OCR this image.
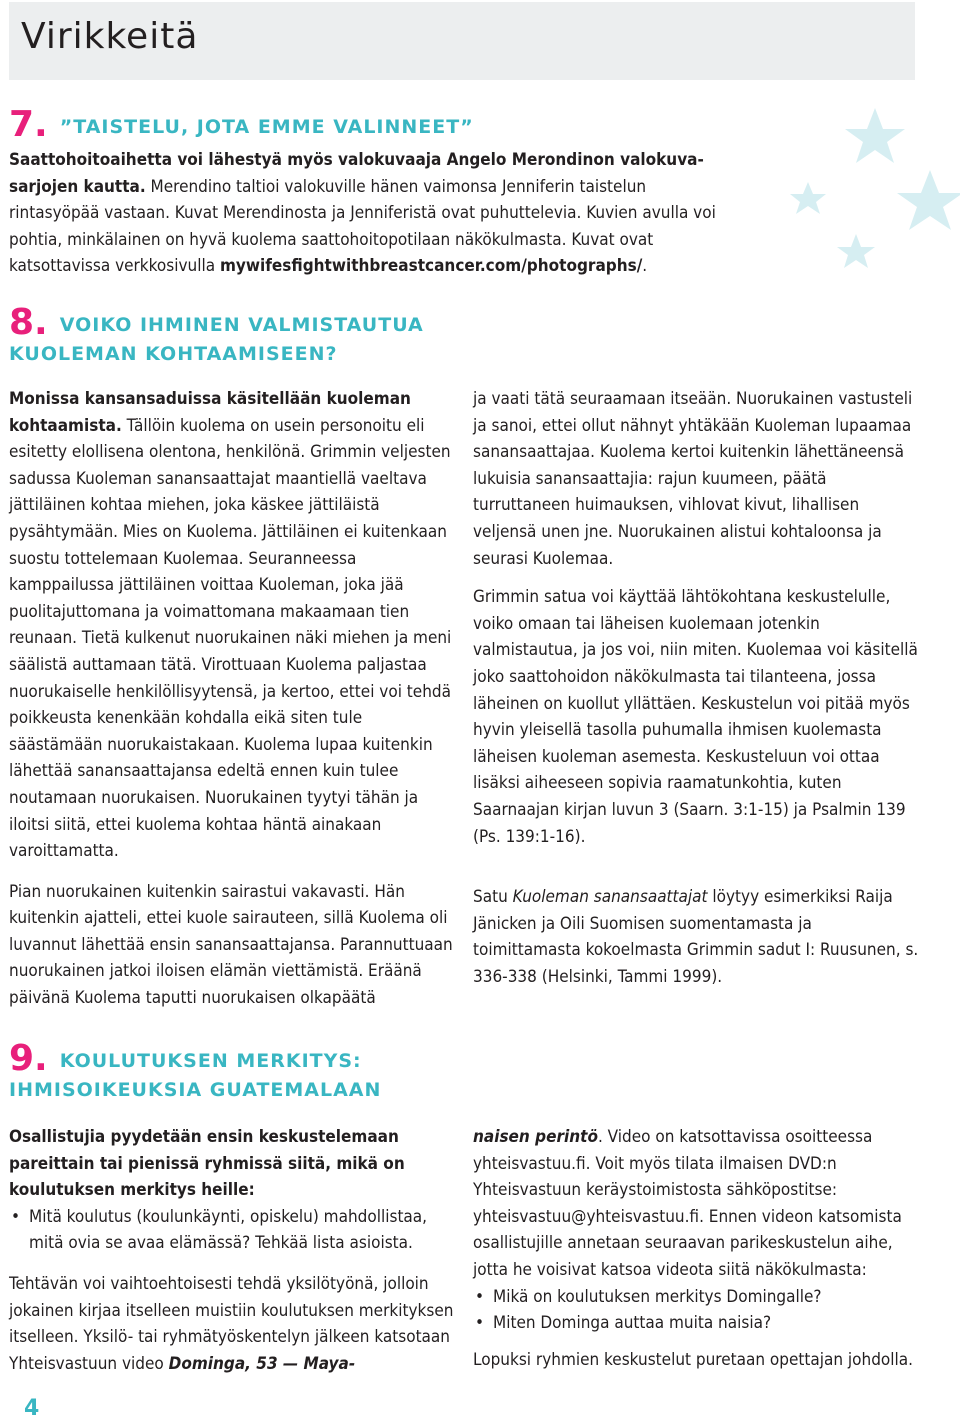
Virikkeitä
7. ”TAISTELU, JOTA EMME VALINNEET”

Saattohoitoaihetta voi lähestyä myös valokuvaaja Angelo Merondinon valokuva-sarjojen kautta. Merendino taltioi valokuville hänen vaimonsa Jenniferin taistelun rintasyöpää vastaan. Kuvat Merendinosta ja Jenniferistä ovat puhuttelevia. Kuvien avulla voi pohtia, minkälainen on hyvä kuolema saattohoitopotilaan näkökulmasta. Kuvat ovat katsottavissa verkkosivulla mywifesfightwithbreastcancer.com/photographs/.

8. VOIKO IHMINEN VALMISTAUTUA
KUOLEMAN KOHTAAMISEEN?

Monissa kansansaduissa käsitellään kuoleman kohtaamista. Tällöin kuolema on usein personoitu eli esitetty elollisena olentona, henkilönä. Grimmin veljesten sadussa Kuoleman sanansaattajat maantiellä vaeltava jättiläinen kohtaa miehen, joka käskee jättiläistä pysähtymään. Mies on Kuolema. Jättiläinen ei kuitenkaan suostu tottelemaan Kuolemaa. Seuranneessa kamppailussa jättiläinen voittaa Kuoleman, joka jää puolitajuttomana ja voimattomana makaamaan tien reunaan. Tietä kulkenut nuorukainen näki miehen ja meni säälistä auttamaan tätä. Virottuaan Kuolema paljastaa nuorukaiselle henkilöllisyytensä, ja kertoo, ettei voi tehdä poikkeusta kenenkään kohdalla eikä siten tule säästämään nuorukaistakaan. Kuolema lupaa kuitenkin lähettää sanansaattajansa edeltä ennen kuin tulee noutamaan nuorukaisen. Nuorukainen tyytyi tähän ja iloitsi siitä, ettei kuolema kohtaa häntä ainakaan varoittamatta.

Pian nuorukainen kuitenkin sairastui vakavasti. Hän kuitenkin ajatteli, ettei kuole sairauteen, sillä Kuolema oli luvannut lähettää ensin sanansaattajansa. Parannuttuaan nuorukainen jatkoi iloisen elämän viettämistä. Eräänä päivänä Kuolema taputti nuorukaisen olkapäätä

ja vaati tätä seuraamaan itseään. Nuorukainen vastusteli ja sanoi, ettei ollut nähnyt yhtäkään Kuoleman lupaamaa sanansaattajaa. Kuolema kertoi kuitenkin lähettäneensä lukuisia sanansaattajia: rajun kuumeen, päätä turruttaneen huimauksen, vihlovat kivut, lihallisen veljensä unen jne. Nuorukainen alistui kohtaloonsa ja seurasi Kuolemaa.

Grimmin satua voi käyttää lähtökohtana keskustelulle, voiko omaan tai läheisen kuolemaan jotenkin valmistautua, ja jos voi, niin miten. Kuolemaa voi käsitellä joko saattohoidon näkökulmasta tai tilanteena, jossa läheinen on kuollut yllättäen. Keskustelun voi pitää myös hyvin yleisellä tasolla puhumalla ihmisen kuolemasta läheisen kuoleman asemesta. Keskusteluun voi ottaa lisäksi aiheeseen sopivia raamatunkohtia, kuten Saarnaajan kirjan luvun 3 (Saarn. 3:1-15) ja Psalmin 139 (Ps. 139:1-16).

Satu Kuoleman sanansaattajat löytyy esimerkiksi Raija Jänicken ja Oili Suomisen suomentamasta ja toimittamasta kokoelmasta Grimmin sadut I: Ruusunen, s. 336-338 (Helsinki, Tammi 1999).

9. KOULUTUKSEN MERKITYS:
IHMISOIKEUKSIA GUATEMALAAN

Osallistujia pyydetään ensin keskustelemaan pareittain tai pienissä ryhmissä siitä, mikä on koulutuksen merkitys heille:

• Mitä koulutus (koulunkäynti, opiskelu) mahdollistaa, mitä ovia se avaa elämässä? Tehkää lista asioista.

Tehtävän voi vaihtoehtoisesti tehdä yksilötyönä, jolloin jokainen kirjaa itselleen muistiin koulutuksen merkityksen itselleen. Yksilö- tai ryhmätyöskentelyn jälkeen katsotaan Yhteisvastuun video Dominga, 53 — Maya-

naisen perintö. Video on katsottavissa osoitteessa yhteisvastuu.fi. Voit myös tilata ilmaisen DVD:n Yhteisvastuun keräystoimistosta sähköpostitse: yhteisvastuu@yhteisvastuu.fi. Ennen videon katsomista osallistujille annetaan seuraavan parikeskustelun aihe, jotta he voisivat katsoa videota siitä näkökulmasta:

• Mikä on koulutuksen merkitys Domingalle?
• Miten Dominga auttaa muita naisia?

Lopuksi ryhmien keskustelut puretaan opettajan johdolla.

4
